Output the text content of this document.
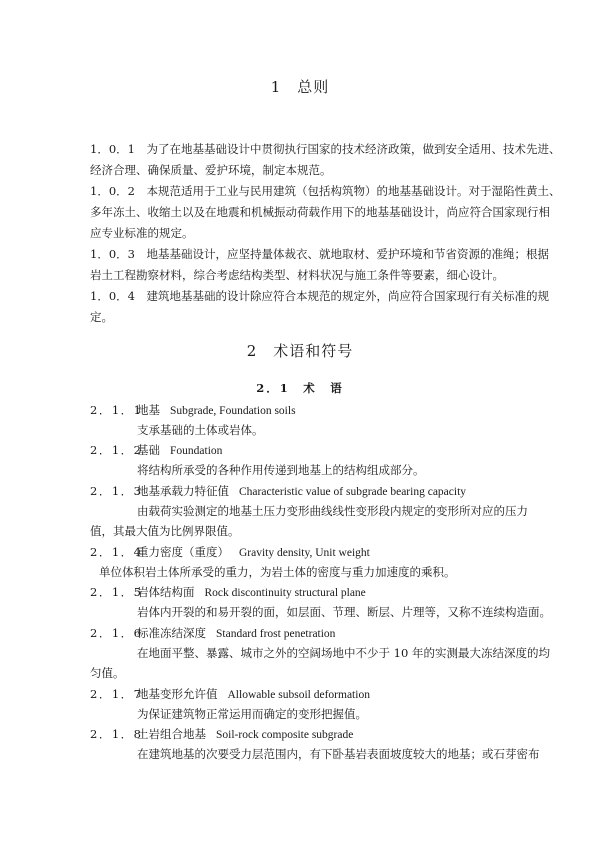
1　总则
1．0．1　为了在地基基础设计中贯彻执行国家的技术经济政策，做到安全适用、技术先进、
经济合理、确保质量、爱护环境，制定本规范。
1．0．2　本规范适用于工业与民用建筑（包括构筑物）的地基基础设计。对于湿陷性黄土、
多年冻土、收缩土以及在地震和机械振动荷载作用下的地基基础设计，尚应符合国家现行相
应专业标准的规定。
1．0．3　地基基础设计，应坚持量体裁衣、就地取材、爱护环境和节省资源的准绳；根据
岩土工程勘察材料，综合考虑结构类型、材料状况与施工条件等要素，细心设计。
1．0．4　建筑地基基础的设计除应符合本规范的规定外，尚应符合国家现行有关标准的规
定。
2　术语和符号
2．1　术　语
2．1．1地基 Subgrade, Foundation soils
支承基础的土体或岩体。
2．1．2基础 Foundation
将结构所承受的各种作用传递到地基上的结构组成部分。
2．1．3地基承载力特征值 Characteristic value of subgrade bearing capacity
由载荷实验测定的地基土压力变形曲线线性变形段内规定的变形所对应的压力
值，其最大值为比例界限值。
2．1．4重力密度（重度） Gravity density, Unit weight
单位体积岩土体所承受的重力，为岩土体的密度与重力加速度的乘积。
2．1．5岩体结构面 Rock discontinuity structural plane
岩体内开裂的和易开裂的面，如层面、节理、断层、片理等，又称不连续构造面。
2．1．6标准冻结深度 Standard frost penetration
在地面平整、暴露、城市之外的空阔场地中不少于 10 年的实测最大冻结深度的均
匀值。
2．1．7地基变形允许值 Allowable subsoil deformation
为保证建筑物正常运用而确定的变形把握值。
2．1．8土岩组合地基 Soil-rock composite subgrade
在建筑地基的次要受力层范围内，有下卧基岩表面坡度较大的地基；或石芽密布
